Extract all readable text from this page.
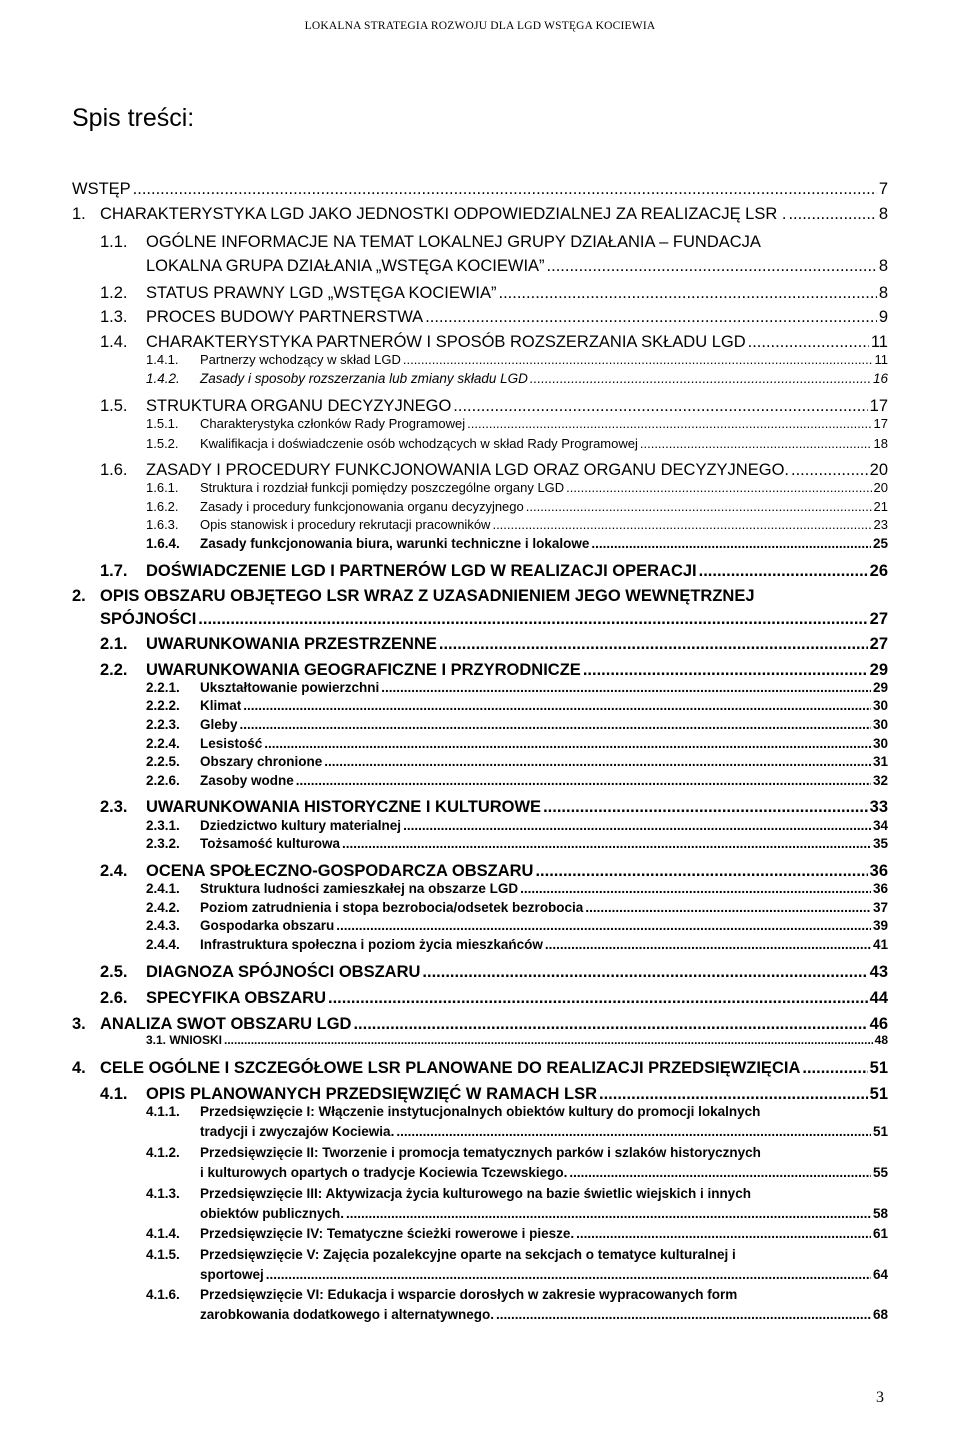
LOKALNA STRATEGIA ROZWOJU DLA LGD WSTĘGA KOCIEWIA
Spis treści:
WSTĘP .....	7
1. CHARAKTERYSTYKA LGD JAKO JEDNOSTKI ODPOWIEDZIALNEJ ZA REALIZACJĘ LSR . .....	8
1.1. OGÓLNE INFORMACJE NA TEMAT LOKALNEJ GRUPY DZIAŁANIA – FUNDACJA
LOKALNA GRUPA DZIAŁANIA „WSTĘGA KOCIEWIA” .....	8
1.2. STATUS PRAWNY LGD „WSTĘGA KOCIEWIA” .....	8
1.3. PROCES BUDOWY PARTNERSTWA .....	9
1.4. CHARAKTERYSTYKA PARTNERÓW I SPOSÓB ROZSZERZANIA SKŁADU LGD .....	11
1.4.1. Partnerzy wchodzący w skład LGD .....	11
1.4.2. Zasady i sposoby rozszerzania lub zmiany składu LGD .....	16
1.5. STRUKTURA ORGANU DECYZYJNEGO .....	17
1.5.1. Charakterystyka członków Rady Programowej .....	17
1.5.2. Kwalifikacja i doświadczenie osób wchodzących w skład Rady Programowej .....	18
1.6. ZASADY I PROCEDURY FUNKCJONOWANIA LGD ORAZ ORGANU DECYZYJNEGO. .....	20
1.6.1. Struktura i rozdział funkcji pomiędzy poszczególne organy LGD .....	20
1.6.2. Zasady i procedury funkcjonowania organu decyzyjnego .....	21
1.6.3. Opis stanowisk i procedury rekrutacji pracowników .....	23
1.6.4. Zasady funkcjonowania biura, warunki techniczne i lokalowe .....	25
1.7. DOŚWIADCZENIE LGD I PARTNERÓW LGD W REALIZACJI OPERACJI .....	26
2. OPIS OBSZARU OBJĘTEGO LSR WRAZ Z UZASADNIENIEM JEGO WEWNĘTRZNEJ
SPÓJNOŚCI .....	27
2.1. UWARUNKOWANIA PRZESTRZENNE .....	27
2.2. UWARUNKOWANIA GEOGRAFICZNE I PRZYRODNICZE .....	29
2.2.1. Ukształtowanie powierzchni .....	29
2.2.2. Klimat .....	30
2.2.3. Gleby .....	30
2.2.4. Lesistość .....	30
2.2.5. Obszary chronione .....	31
2.2.6. Zasoby wodne .....	32
2.3. UWARUNKOWANIA HISTORYCZNE I KULTUROWE .....	33
2.3.1. Dziedzictwo kultury materialnej .....	34
2.3.2. Tożsamość kulturowa .....	35
2.4. OCENA SPOŁECZNO-GOSPODARCZA OBSZARU .....	36
2.4.1. Struktura ludności zamieszkałej na obszarze LGD .....	36
2.4.2. Poziom zatrudnienia i stopa bezrobocia/odsetek bezrobocia .....	37
2.4.3. Gospodarka obszaru .....	39
2.4.4. Infrastruktura społeczna i poziom życia mieszkańców .....	41
2.5. DIAGNOZA SPÓJNOŚCI OBSZARU .....	43
2.6. SPECYFIKA OBSZARU .....	44
3. ANALIZA SWOT OBSZARU LGD .....	46
3.1. WNIOSKI .....	48
4. CELE OGÓLNE I SZCZEGÓŁOWE LSR PLANOWANE DO REALIZACJI PRZEDSIĘWZIĘCIA .....	51
4.1. OPIS PLANOWANYCH PRZEDSIĘWZIĘĆ W RAMACH LSR .....	51
4.1.1. Przedsięwzięcie I: Włączenie instytucjonalnych obiektów kultury do promocji lokalnych
tradycji i zwyczajów Kociewia. .....	51
4.1.2. Przedsięwzięcie II: Tworzenie i promocja tematycznych parków i szlaków historycznych
i kulturowych opartych o tradycje Kociewia Tczewskiego. .....	55
4.1.3. Przedsięwzięcie III: Aktywizacja życia kulturowego na bazie świetlic wiejskich i innych
obiektów publicznych. .....	58
4.1.4. Przedsięwzięcie IV: Tematyczne ścieżki rowerowe i piesze. .....	61
4.1.5. Przedsięwzięcie V: Zajęcia pozalekcyjne oparte na sekcjach o tematyce kulturalnej i
sportowej .....	64
4.1.6. Przedsięwzięcie VI: Edukacja i wsparcie dorosłych w zakresie wypracowanych form
zarobkowania dodatkowego i alternatywnego. .....	68
3
